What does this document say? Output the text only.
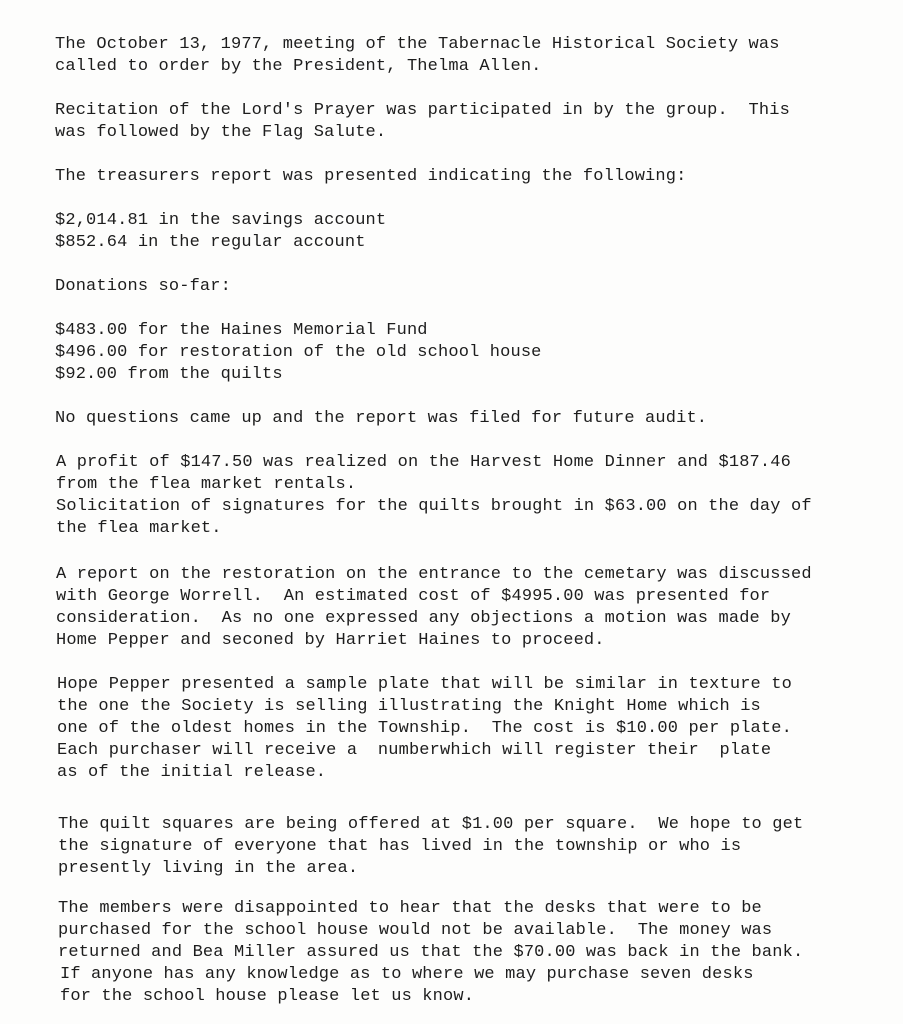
The October 13, 1977, meeting of the Tabernacle Historical Society was
called to order by the President, Thelma Allen.
Recitation of the Lord's Prayer was participated in by the group.  This
was followed by the Flag Salute.
The treasurers report was presented indicating the following:
$2,014.81 in the savings account
$852.64 in the regular account
Donations so-far:
$483.00 for the Haines Memorial Fund
$496.00 for restoration of the old school house
$92.00 from the quilts
No questions came up and the report was filed for future audit.
A profit of $147.50 was realized on the Harvest Home Dinner and $187.46
from the flea market rentals.
Solicitation of signatures for the quilts brought in $63.00 on the day of
the flea market.
A report on the restoration on the entrance to the cemetary was discussed
with George Worrell.  An estimated cost of $4995.00 was presented for
consideration.  As no one expressed any objections a motion was made by
Home Pepper and seconed by Harriet Haines to proceed.
Hope Pepper presented a sample plate that will be similar in texture to
the one the Society is selling illustrating the Knight Home which is
one of the oldest homes in the Township.  The cost is $10.00 per plate.
Each purchaser will receive a  numberwhich will register their  plate
as of the initial release.
The quilt squares are being offered at $1.00 per square.  We hope to get
the signature of everyone that has lived in the township or who is
presently living in the area.
The members were disappointed to hear that the desks that were to be
purchased for the school house would not be available.  The money was
returned and Bea Miller assured us that the $70.00 was back in the bank.
If anyone has any knowledge as to where we may purchase seven desks
for the school house please let us know.
